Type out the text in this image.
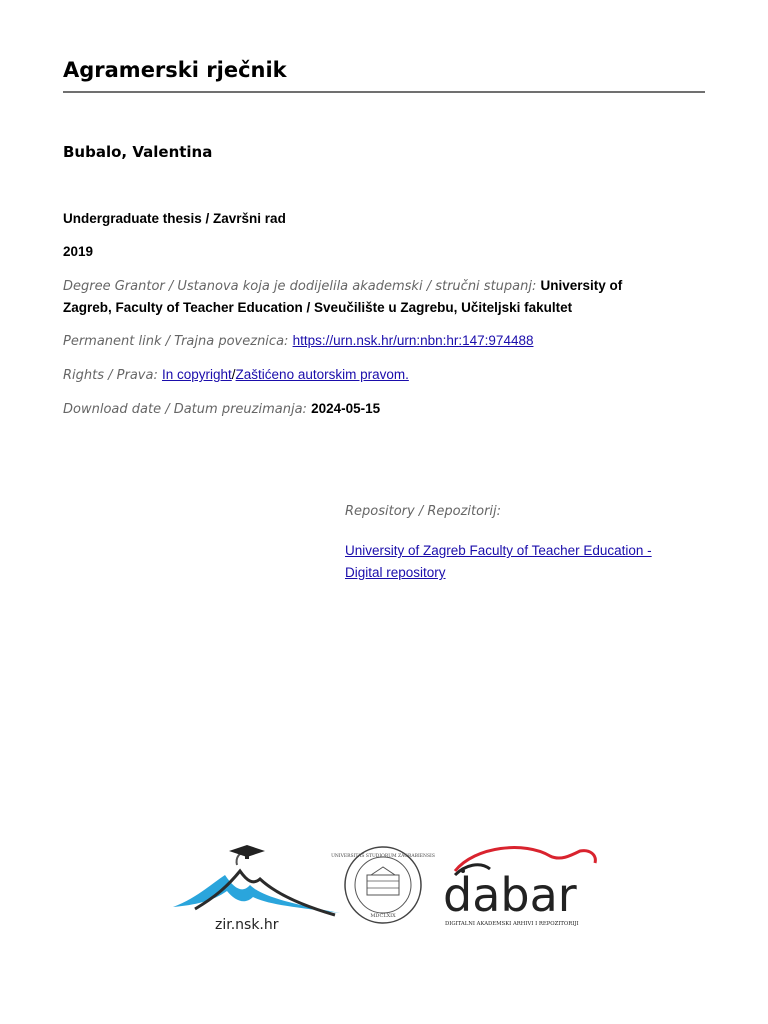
Agramerski rječnik
Bubalo, Valentina
Undergraduate thesis / Završni rad
2019
Degree Grantor / Ustanova koja je dodijelila akademski / stručni stupanj: University of
Zagreb, Faculty of Teacher Education / Sveučilište u Zagrebu, Učiteljski fakultet
Permanent link / Trajna poveznica: https://urn.nsk.hr/urn:nbn:hr:147:974488
Rights / Prava: In copyright/Zaštićeno autorskim pravom.
Download date / Datum preuzimanja: 2024-05-15
Repository / Repozitorij:
University of Zagreb Faculty of Teacher Education -
Digital repository
zir.nsk.hr
UNIVERSITAS STUDIORUM ZAGRABIENSIS
MDCLXIX dabar
DIGITALNI AKADEMSKI ARHIVI I REPOZITORIJI
